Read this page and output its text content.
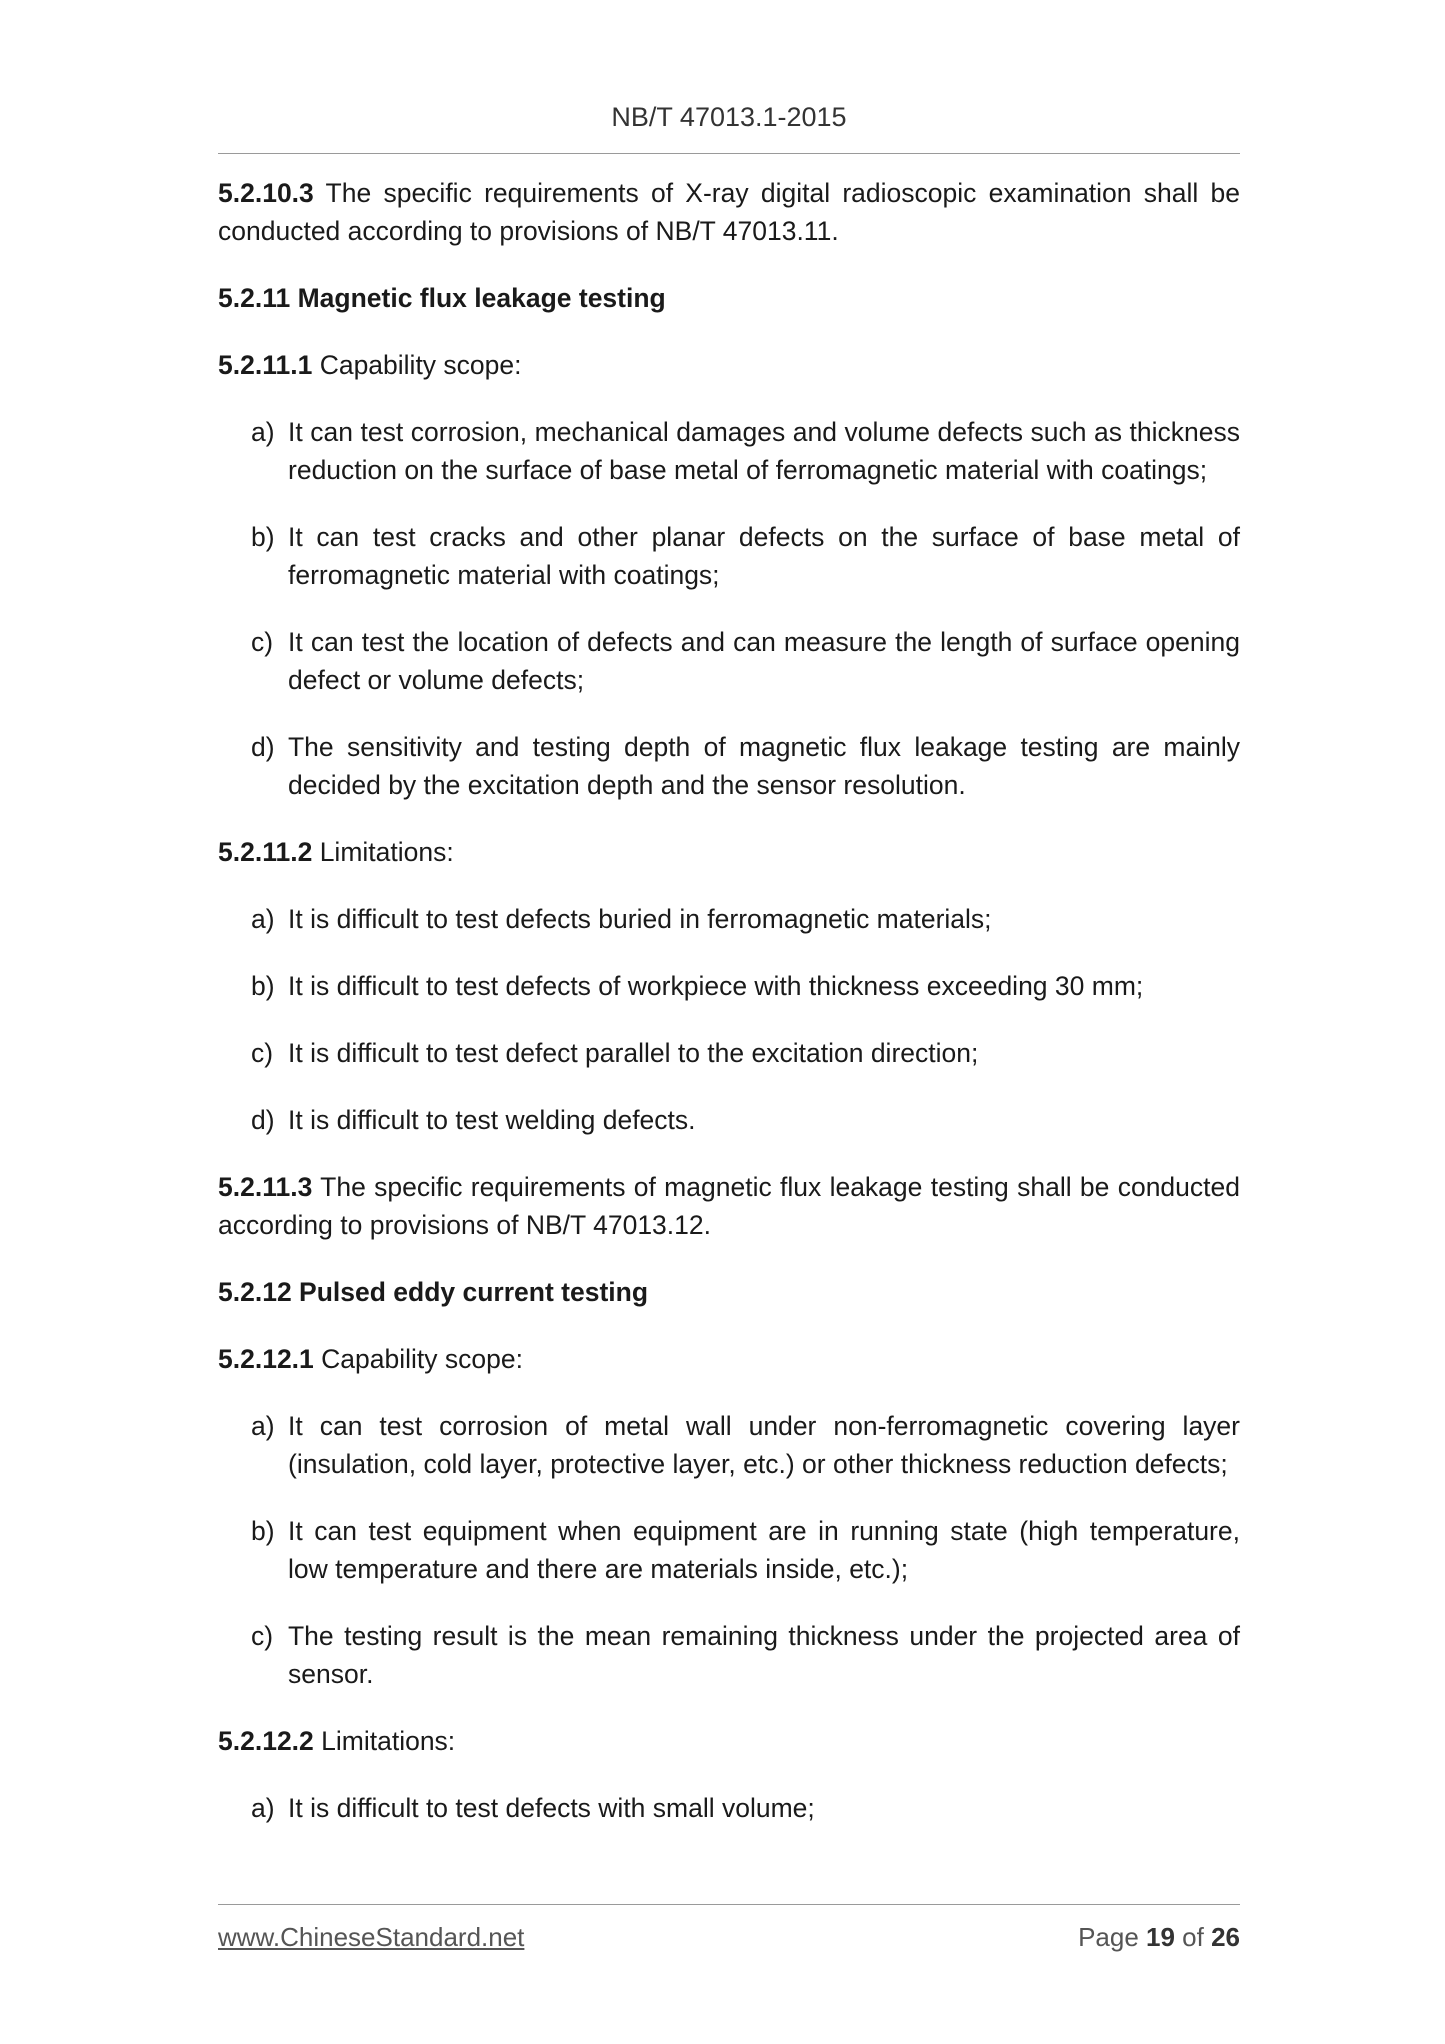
NB/T 47013.1-2015
5.2.10.3 The specific requirements of X-ray digital radioscopic examination shall be conducted according to provisions of NB/T 47013.11.
5.2.11 Magnetic flux leakage testing
5.2.11.1 Capability scope:
a) It can test corrosion, mechanical damages and volume defects such as thickness reduction on the surface of base metal of ferromagnetic material with coatings;
b) It can test cracks and other planar defects on the surface of base metal of ferromagnetic material with coatings;
c) It can test the location of defects and can measure the length of surface opening defect or volume defects;
d) The sensitivity and testing depth of magnetic flux leakage testing are mainly decided by the excitation depth and the sensor resolution.
5.2.11.2 Limitations:
a) It is difficult to test defects buried in ferromagnetic materials;
b) It is difficult to test defects of workpiece with thickness exceeding 30 mm;
c) It is difficult to test defect parallel to the excitation direction;
d) It is difficult to test welding defects.
5.2.11.3 The specific requirements of magnetic flux leakage testing shall be conducted according to provisions of NB/T 47013.12.
5.2.12 Pulsed eddy current testing
5.2.12.1 Capability scope:
a) It can test corrosion of metal wall under non-ferromagnetic covering layer (insulation, cold layer, protective layer, etc.) or other thickness reduction defects;
b) It can test equipment when equipment are in running state (high temperature, low temperature and there are materials inside, etc.);
c) The testing result is the mean remaining thickness under the projected area of sensor.
5.2.12.2 Limitations:
a) It is difficult to test defects with small volume;
www.ChineseStandard.net	Page 19 of 26
